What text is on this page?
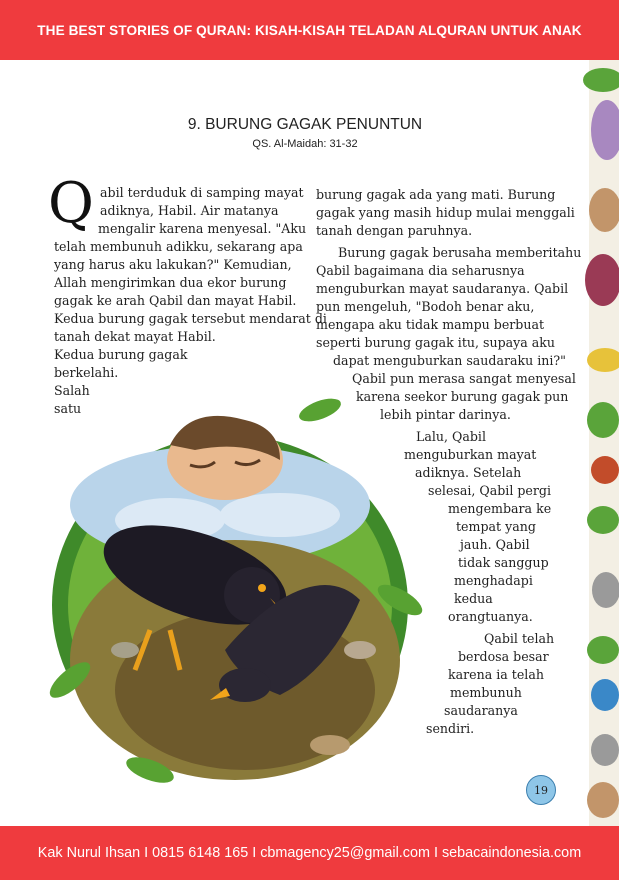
THE BEST STORIES OF QURAN: KISAH-KISAH TELADAN ALQURAN UNTUK ANAK
9. BURUNG GAGAK PENUNTUN
QS. Al-Maidah: 31-32
Q abil terduduk di samping mayat
adiknya, Habil. Air matanya
mengalir karena menyesal. "Aku
telah membunuh adikku, sekarang apa
yang harus aku lakukan?" Kemudian,
Allah mengirimkan dua ekor burung
gagak ke arah Qabil dan mayat Habil.
Kedua burung gagak tersebut mendarat di
tanah dekat mayat Habil.
Kedua burung gagak
berkelahi.
Salah
satu
burung gagak ada yang mati. Burung
gagak yang masih hidup mulai menggali
tanah dengan paruhnya.
Burung gagak berusaha memberitahu
Qabil bagaimana dia seharusnya
menguburkan mayat saudaranya. Qabil
pun mengeluh, "Bodoh benar aku,
mengapa aku tidak mampu berbuat
seperti burung gagak itu, supaya aku
dapat menguburkan saudaraku ini?"
Qabil pun merasa sangat menyesal
karena seekor burung gagak pun
lebih pintar darinya.
Lalu, Qabil
menguburkan mayat
adiknya. Setelah
selesai, Qabil pergi
mengembara ke
tempat yang
jauh. Qabil
tidak sanggup
menghadapi
kedua
orangtuanya.
Qabil telah
berdosa besar
karena ia telah
membunuh
saudaranya
sendiri.
19
Kak Nurul Ihsan I 0815 6148 165 I cbmagency25@gmail.com I sebacaindonesia.com
